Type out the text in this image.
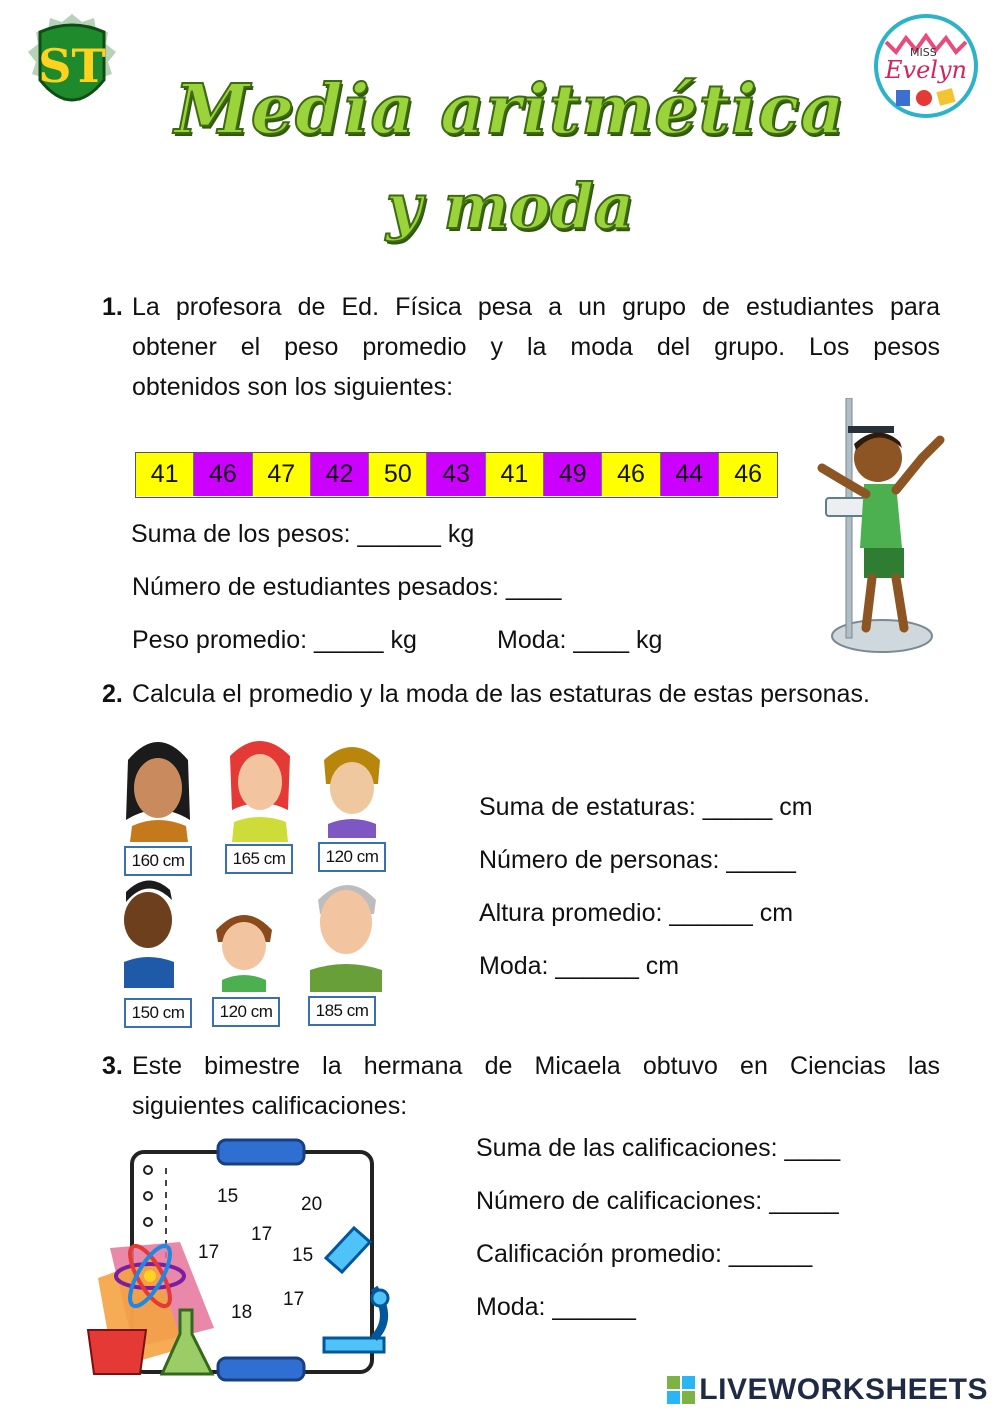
ST	MISS
Evelyn
Media aritmética
y moda
1. La profesora de Ed. Física pesa a un grupo de estudiantes para
obtener el peso promedio y la moda del grupo. Los pesos
obtenidos son los siguientes:
41	46	47	42	50	43	41	49	46	44	46
Suma de los pesos: ______ kg
Número de estudiantes pesados: ____
Peso promedio: _____ kg	Moda: ____ kg
2. Calcula el promedio y la moda de las estaturas de estas personas.
160 cm	165 cm	120 cm
150 cm	120 cm	185 cm
Suma de estaturas: _____ cm
Número de personas: _____
Altura promedio: ______ cm
Moda: ______ cm
3. Este bimestre la hermana de Micaela obtuvo en Ciencias las
siguientes calificaciones:
15	20
17
17	15
17
18
Suma de las calificaciones: ____
Número de calificaciones: _____
Calificación promedio: ______
Moda: ______
LIVEWORKSHEETS
